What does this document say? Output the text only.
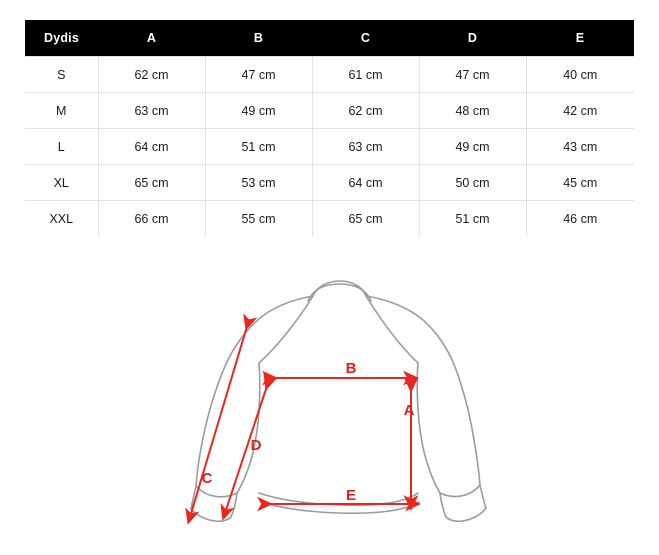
Dydis	A	B	C	D	E
S	62 cm	47 cm	61 cm	47 cm	40 cm
M	63 cm	49 cm	62 cm	48 cm	42 cm
L	64 cm	51 cm	63 cm	49 cm	43 cm
XL	65 cm	53 cm	64 cm	50 cm	45 cm
XXL	66 cm	55 cm	65 cm	51 cm	46 cm
A
B
C
D
E
